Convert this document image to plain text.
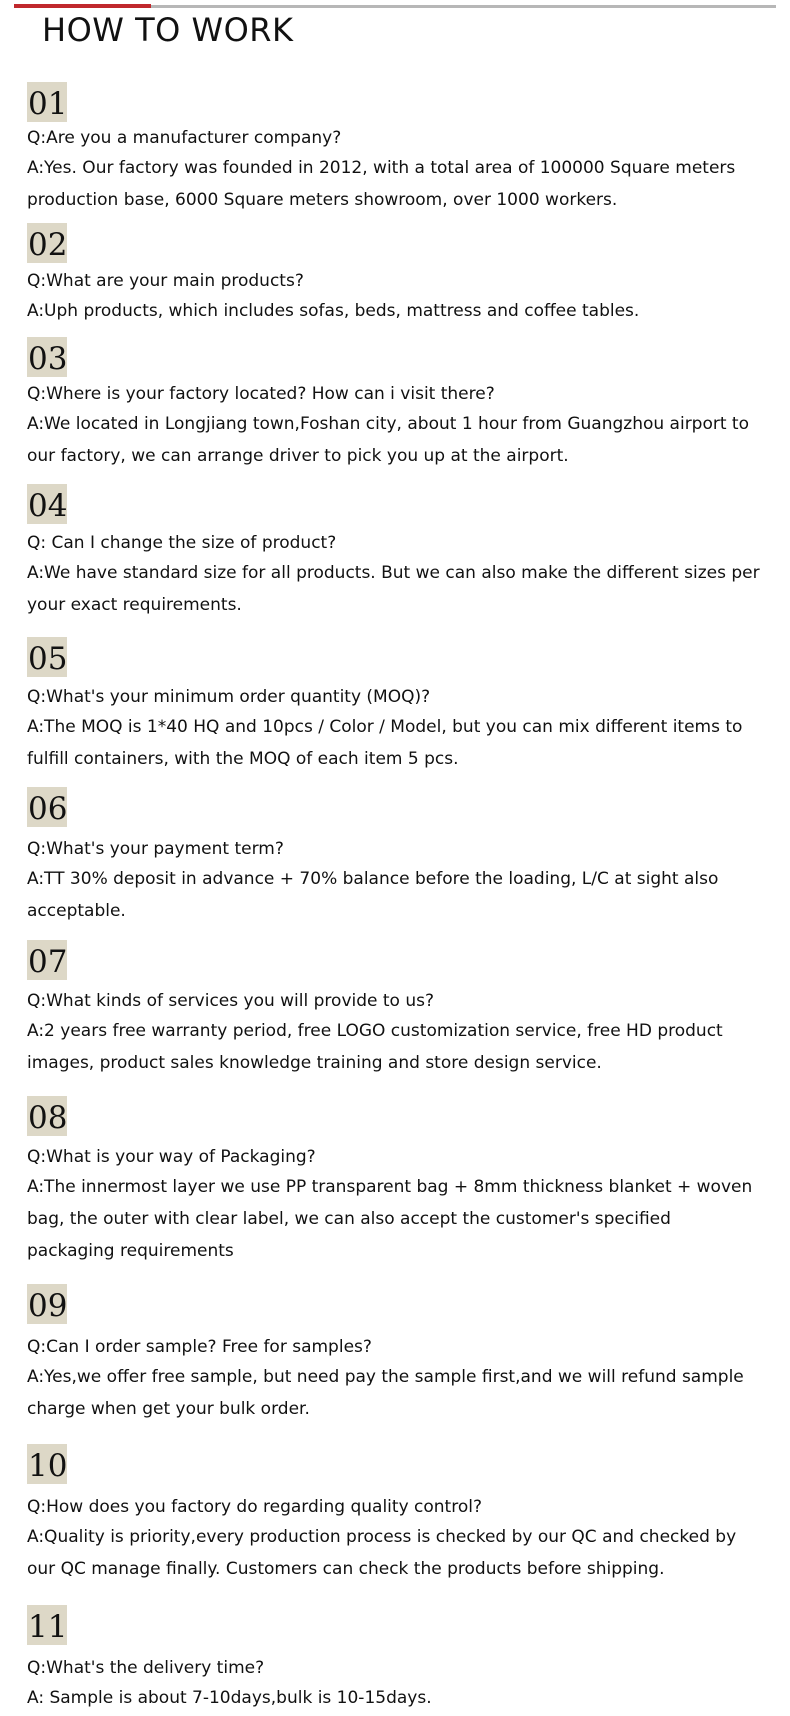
HOW TO WORK
01

Q:Are you a manufacturer company?

A:Yes. Our factory was founded in 2012, with a total area of 100000 Square meters
production base, 6000 Square meters showroom, over 1000 workers.

02

Q:What are your main products?

A:Uph products, which includes sofas, beds, mattress and coffee tables.

03

Q:Where is your factory located? How can i visit there?

A:We located in Longjiang town,Foshan city, about 1 hour from Guangzhou airport to
our factory, we can arrange driver to pick you up at the airport.

04

Q: Can I change the size of product?

A:We have standard size for all products. But we can also make the different sizes per
your exact requirements.

05

Q:What's your minimum order quantity (MOQ)?

A:The MOQ is 1*40 HQ and 10pcs / Color / Model, but you can mix different items to
fulfill containers, with the MOQ of each item 5 pcs.

06

Q:What's your payment term?

A:TT 30% deposit in advance + 70% balance before the loading, L/C at sight also
acceptable.

07

Q:What kinds of services you will provide to us?

A:2 years free warranty period, free LOGO customization service, free HD product
images, product sales knowledge training and store design service.

08

Q:What is your way of Packaging?

A:The innermost layer we use PP transparent bag + 8mm thickness blanket + woven
bag, the outer with clear label, we can also accept the customer's specified
packaging requirements

09

Q:Can I order sample? Free for samples?

A:Yes,we offer free sample, but need pay the sample first,and we will refund sample
charge when get your bulk order.

10

Q:How does you factory do regarding quality control?

A:Quality is priority,every production process is checked by our QC and checked by
our QC manage finally. Customers can check the products before shipping.

11

Q:What's the delivery time?

A: Sample is about 7-10days,bulk is 10-15days.
